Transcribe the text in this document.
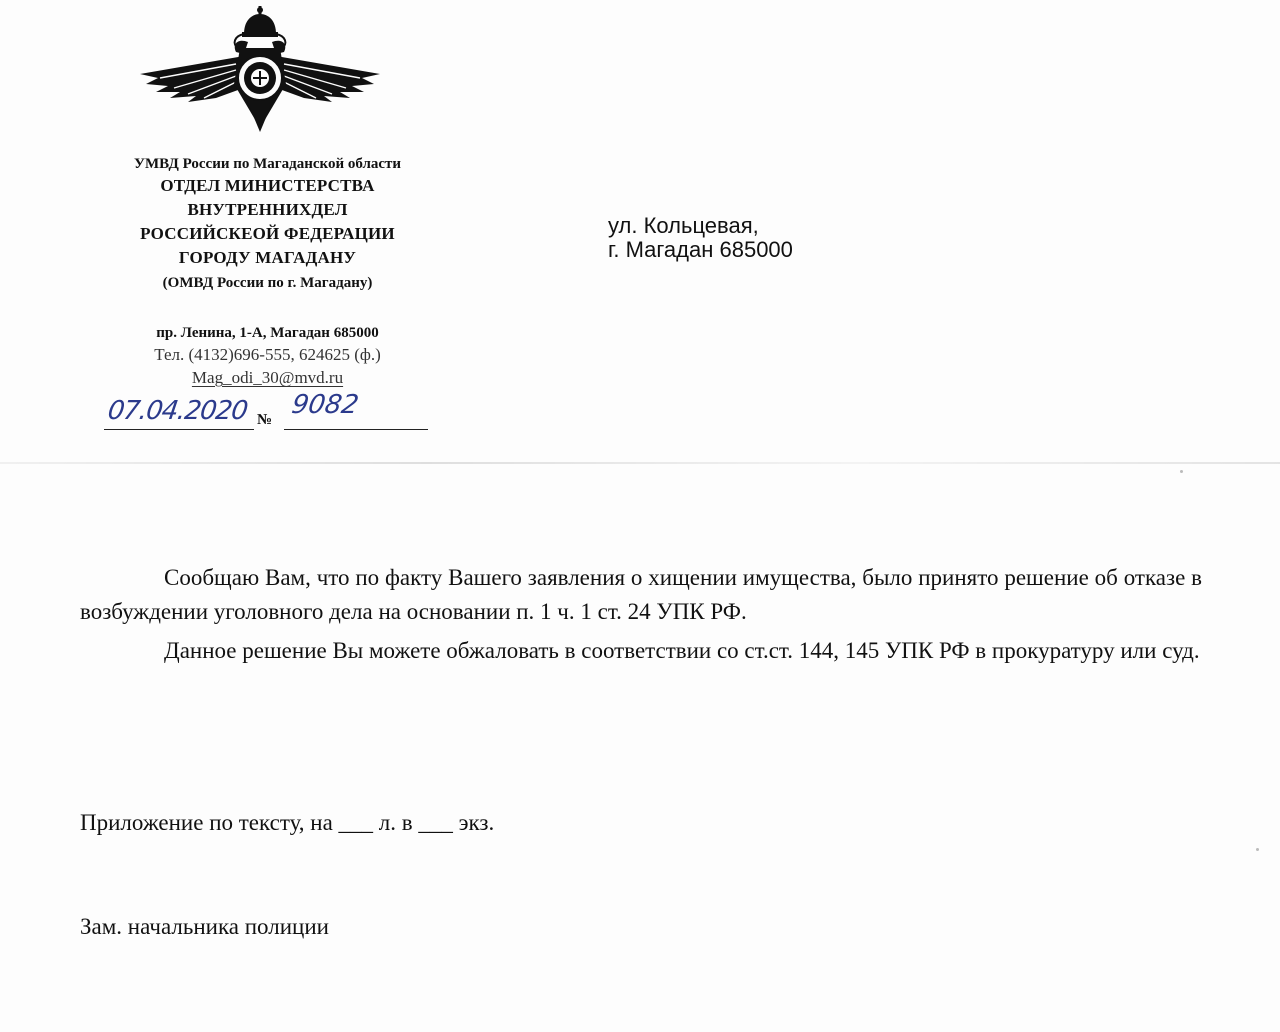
УМВД России по Магаданской области
ОТДЕЛ МИНИСТЕРСТВА
ВНУТРЕННИХДЕЛ
РОССИЙСКЕОЙ ФЕДЕРАЦИИ
ГОРОДУ МАГАДАНУ
(ОМВД России по г. Магадану)
пр. Ленина, 1-А, Магадан 685000
Тел. (4132)696-555, 624625 (ф.)
Mag_odi_30@mvd.ru
07.04.2020 № 9082
ул. Кольцевая,
г. Магадан 685000

Сообщаю Вам, что по факту Вашего заявления о хищении имущества, было принято решение об отказе в возбуждении уголовного дела на основании п. 1 ч. 1 ст. 24 УПК РФ.

Данное решение Вы можете обжаловать в соответствии со ст.ст. 144, 145 УПК РФ в прокуратуру или суд.

Приложение по тексту, на ___ л. в ___ экз.
Зам. начальника полиции
